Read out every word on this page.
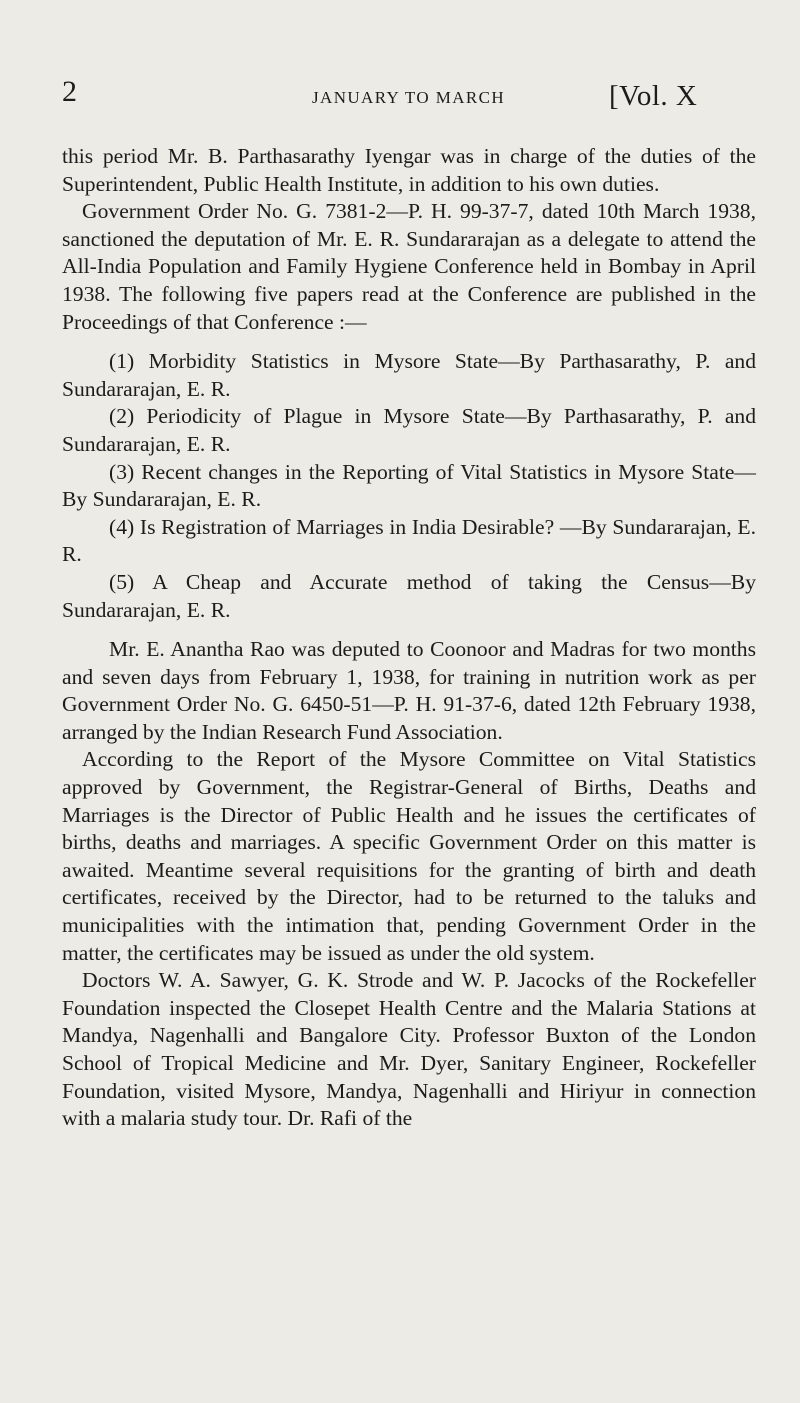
2	JANUARY TO MARCH	[Vol. X

this period Mr. B. Parthasarathy Iyengar was in charge of the duties of the Superintendent, Public Health Institute, in addition to his own duties.

Government Order No. G. 7381-2—P. H. 99-37-7, dated 10th March 1938, sanctioned the deputation of Mr. E. R. Sundararajan as a delegate to attend the All-India Population and Family Hygiene Conference held in Bombay in April 1938. The following five papers read at the Conference are published in the Proceedings of that Conference :—

(1) Morbidity Statistics in Mysore State—By Parthasarathy, P. and Sundararajan, E. R.

(2) Periodicity of Plague in Mysore State—By Parthasarathy, P. and Sundararajan, E. R.

(3) Recent changes in the Reporting of Vital Statistics in Mysore State—By Sundararajan, E. R.

(4) Is Registration of Marriages in India Desirable? —By Sundararajan, E. R.

(5) A Cheap and Accurate method of taking the Census—By Sundararajan, E. R.

Mr. E. Anantha Rao was deputed to Coonoor and Madras for two months and seven days from February 1, 1938, for training in nutrition work as per Government Order No. G. 6450-51—P. H. 91-37-6, dated 12th February 1938, arranged by the Indian Research Fund Association.

According to the Report of the Mysore Committee on Vital Statistics approved by Government, the Registrar-General of Births, Deaths and Marriages is the Director of Public Health and he issues the certificates of births, deaths and marriages. A specific Government Order on this matter is awaited. Meantime several requisitions for the granting of birth and death certificates, received by the Director, had to be returned to the taluks and municipalities with the intimation that, pending Government Order in the matter, the certificates may be issued as under the old system.

Doctors W. A. Sawyer, G. K. Strode and W. P. Jacocks of the Rockefeller Foundation inspected the Closepet Health Centre and the Malaria Stations at Mandya, Nagenhalli and Bangalore City. Professor Buxton of the London School of Tropical Medicine and Mr. Dyer, Sanitary Engineer, Rockefeller Foundation, visited Mysore, Mandya, Nagenhalli and Hiriyur in connection with a malaria study tour. Dr. Rafi of the
